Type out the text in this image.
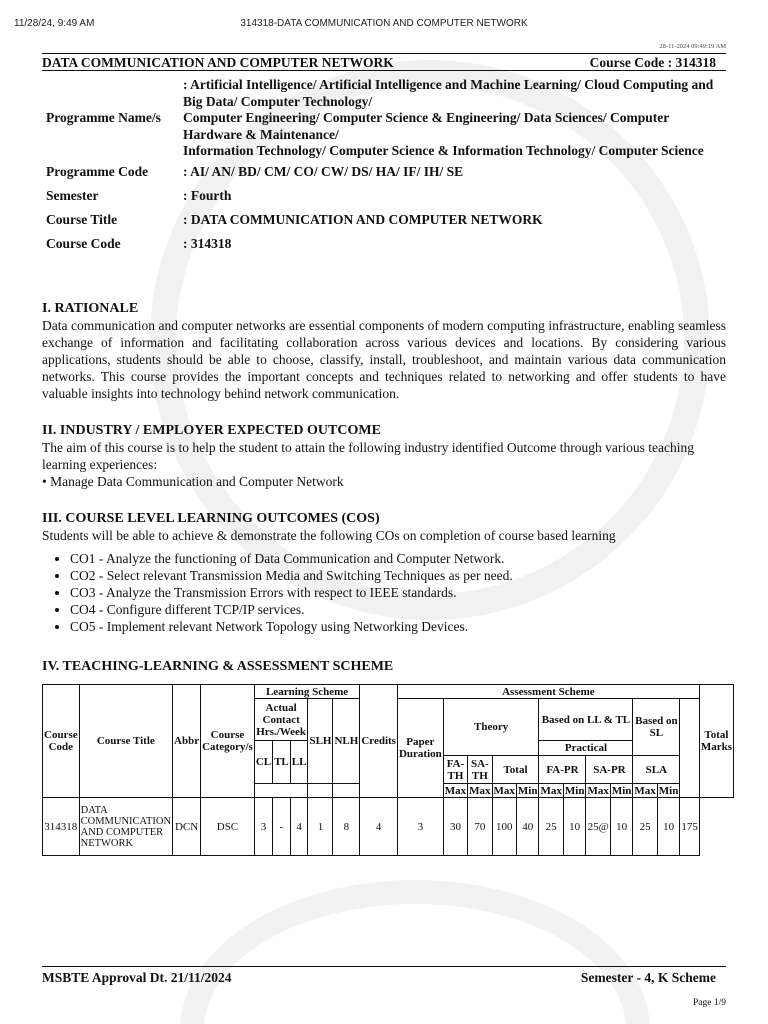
11/28/24, 9:49 AM	314318-DATA COMMUNICATION AND COMPUTER NETWORK
28-11-2024 09:49:19 AM
DATA COMMUNICATION AND COMPUTER NETWORK	Course Code : 314318
Programme Name/s	: Artificial Intelligence/ Artificial Intelligence and Machine Learning/ Cloud Computing and Big Data/ Computer Technology/
Computer Engineering/ Computer Science & Engineering/ Data Sciences/ Computer Hardware & Maintenance/
Information Technology/ Computer Science & Information Technology/ Computer Science

Programme Code	: AI/ AN/ BD/ CM/ CO/ CW/ DS/ HA/ IF/ IH/ SE
Semester	: Fourth
Course Title	: DATA COMMUNICATION AND COMPUTER NETWORK
Course Code	: 314318
I. RATIONALE

Data communication and computer networks are essential components of modern computing infrastructure, enabling seamless exchange of information and facilitating collaboration across various devices and locations. By considering various applications, students should be able to choose, classify, install, troubleshoot, and maintain various data communication networks. This course provides the important concepts and techniques related to networking and offer students to have valuable insights into technology behind network communication.

II. INDUSTRY / EMPLOYER EXPECTED OUTCOME

The aim of this course is to help the student to attain the following industry identified Outcome through various teaching learning experiences:

• Manage Data Communication and Computer Network

III. COURSE LEVEL LEARNING OUTCOMES (COS)

Students will be able to achieve & demonstrate the following COs on completion of course based learning

• CO1 - Analyze the functioning of Data Communication and Computer Network.
• CO2 - Select relevant Transmission Media and Switching Techniques as per need.
• CO3 - Analyze the Transmission Errors with respect to IEEE standards.
• CO4 - Configure different TCP/IP services.
• CO5 - Implement relevant Network Topology using Networking Devices.
IV. TEACHING-LEARNING & ASSESSMENT SCHEME
Course Code	Course Title	Abbr	Course Category/s	Learning Scheme					Credits	Assessment Scheme												Total Marks
				Actual Contact Hrs./Week			SLH	NLH		Paper Duration	Theory				Based on LL & TL				Based on SL			
				CL	TL	LL									Practical							
											FA-TH	SA-TH	Total		FA-PR		SA-PR		SLA			
											Max	Max	Max	Min	Max	Min	Max	Min	Max	Min		
314318	DATA COMMUNICATION AND COMPUTER NETWORK	DCN	DSC	3	-	4	1	8	4	3	30	70	100	40	25	10	25@	10	25	10	175	
MSBTE Approval Dt. 21/11/2024	Semester - 4, K Scheme
Page 1/9
